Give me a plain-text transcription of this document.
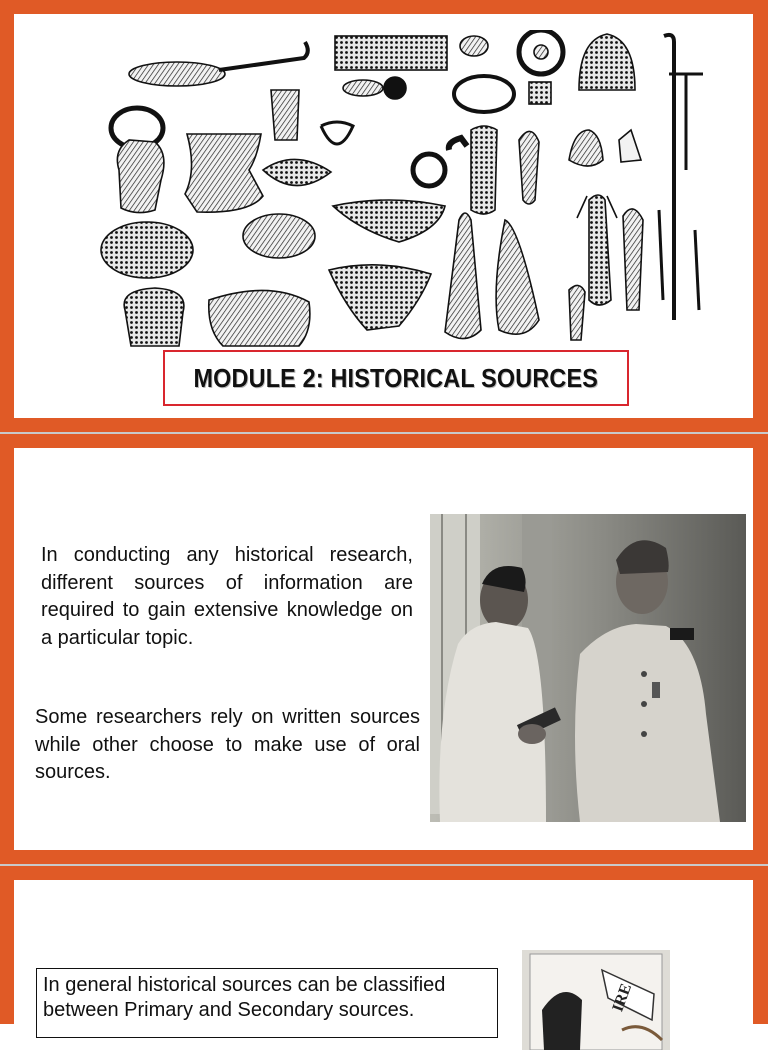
MODULE 2: HISTORICAL SOURCES
In conducting any historical research, different sources of information are required to gain extensive knowledge on a particular topic.
Some researchers rely on written sources while other choose to make use of oral sources.
In general historical sources can be classified between Primary and Secondary sources.	IRE
